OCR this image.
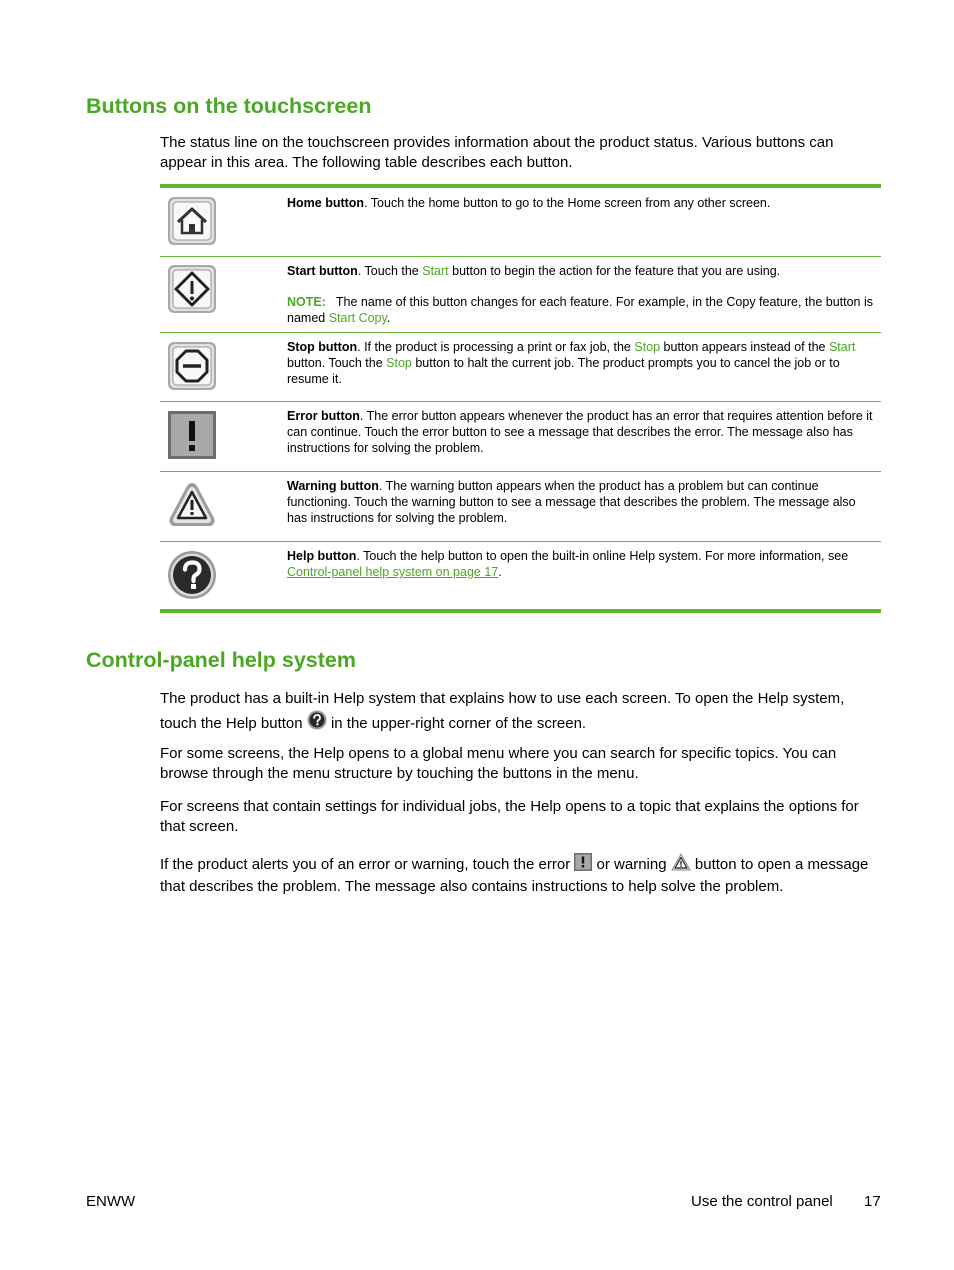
Buttons on the touchscreen

The status line on the touchscreen provides information about the product status. Various buttons can appear in this area. The following table describes each button.

Home button. Touch the home button to go to the Home screen from any other screen.

Start button. Touch the Start button to begin the action for the feature that you are using.

NOTE: The name of this button changes for each feature. For example, in the Copy feature, the button is named Start Copy.

Stop button. If the product is processing a print or fax job, the Stop button appears instead of the Start button. Touch the Stop button to halt the current job. The product prompts you to cancel the job or to resume it.

Error button. The error button appears whenever the product has an error that requires attention before it can continue. Touch the error button to see a message that describes the error. The message also has instructions for solving the problem.

Warning button. The warning button appears when the product has a problem but can continue functioning. Touch the warning button to see a message that describes the problem. The message also has instructions for solving the problem.

Help button. Touch the help button to open the built-in online Help system. For more information, see Control-panel help system on page 17.

Control-panel help system

The product has a built-in Help system that explains how to use each screen. To open the Help system, touch the Help button  in the upper-right corner of the screen.

For some screens, the Help opens to a global menu where you can search for specific topics. You can browse through the menu structure by touching the buttons in the menu.

For screens that contain settings for individual jobs, the Help opens to a topic that explains the options for that screen.

If the product alerts you of an error or warning, touch the error  or warning  button to open a message that describes the problem. The message also contains instructions to help solve the problem.

ENWW	Use the control panel 17
